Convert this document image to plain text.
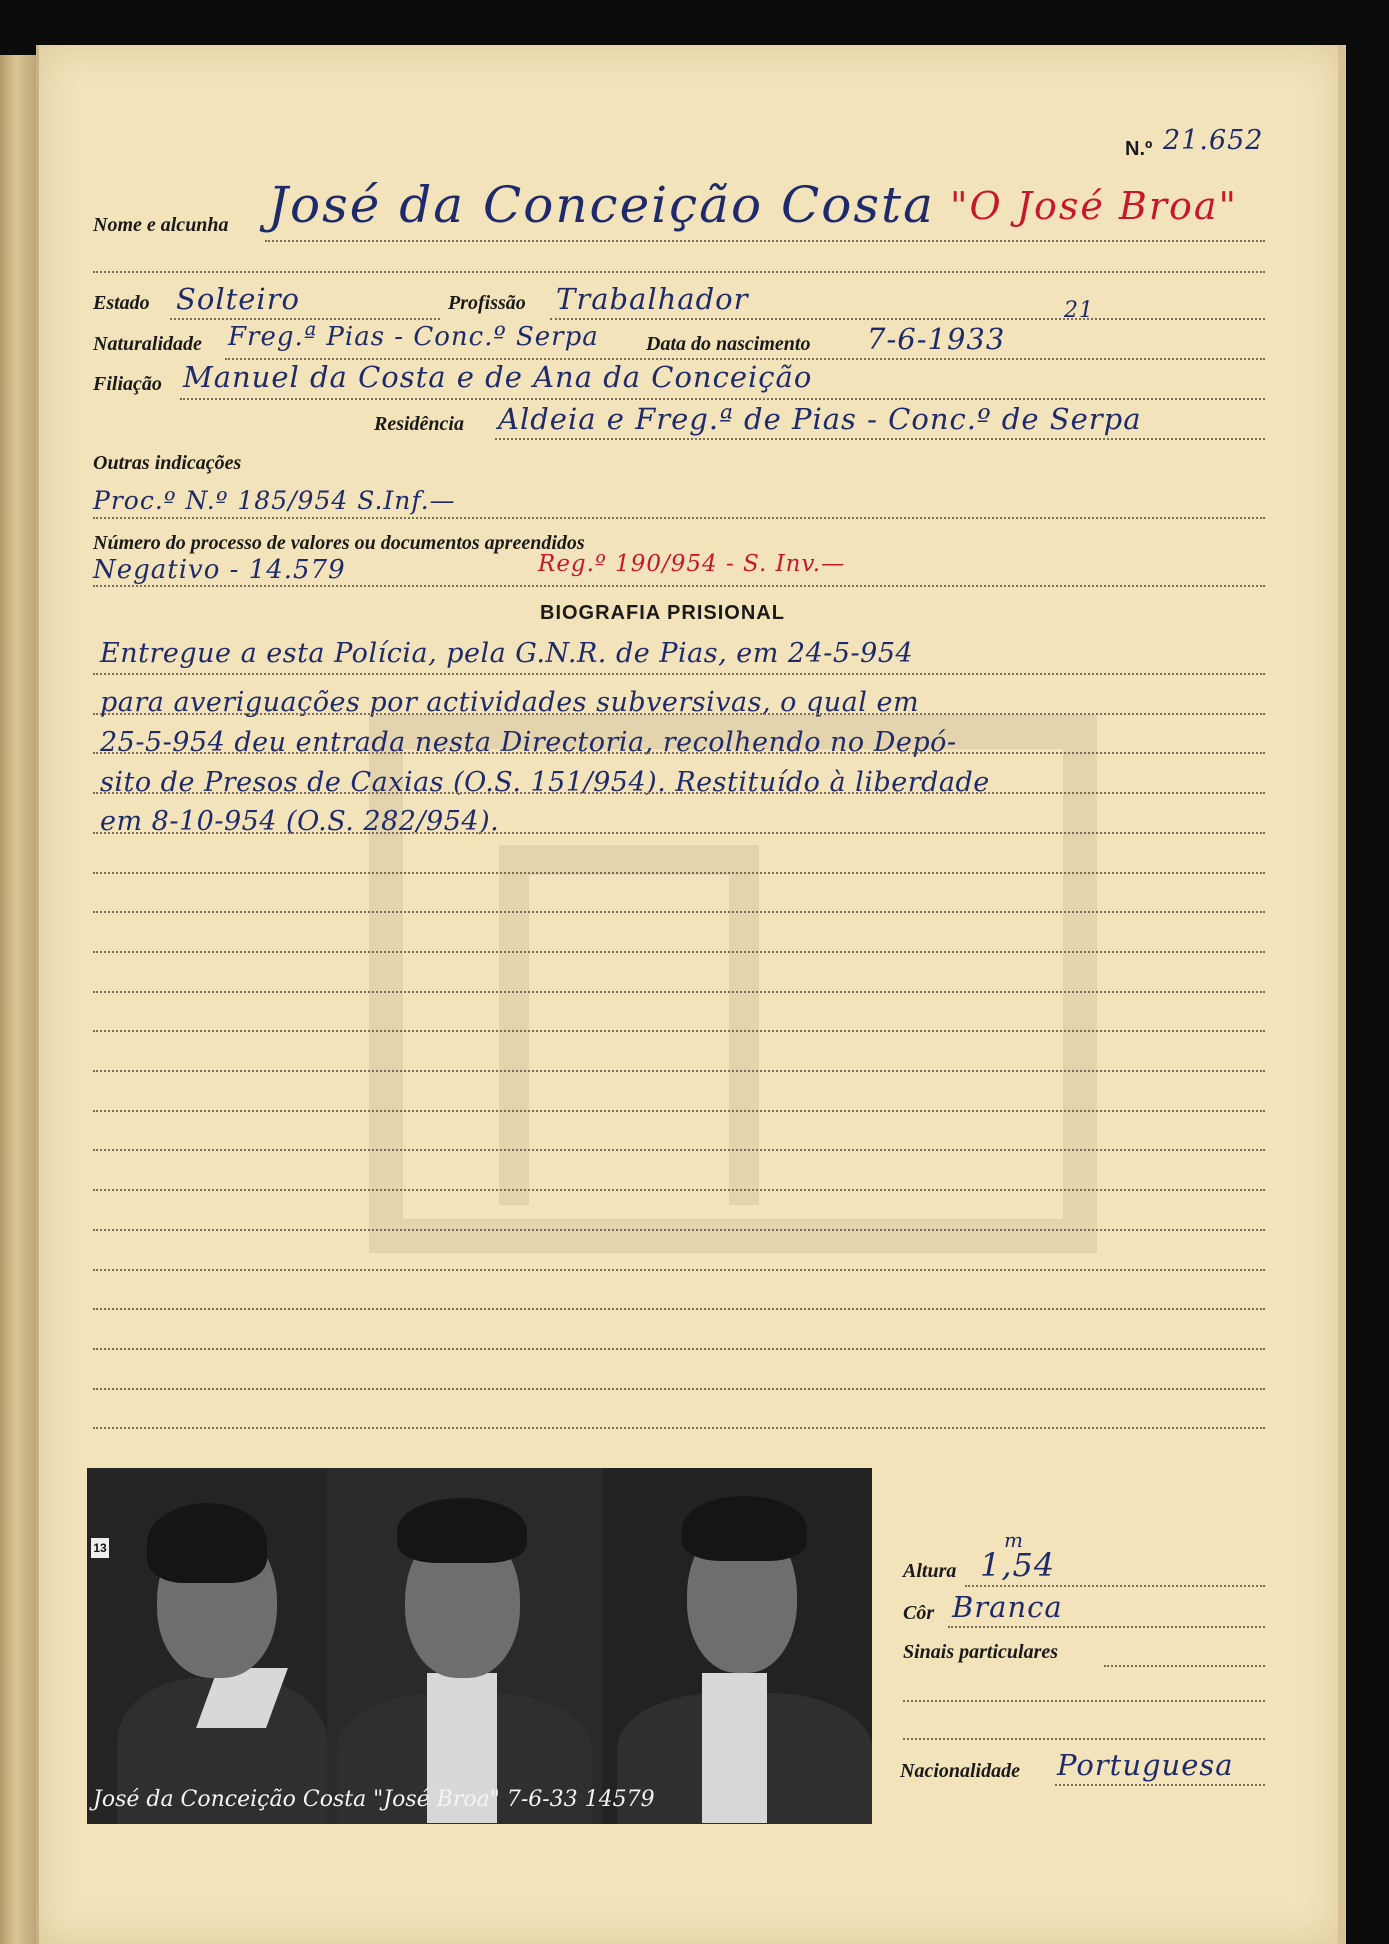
N.º 21.652
Nome e alcunha José da Conceição Costa "O José Broa"
Estado Solteiro	Profissão Trabalhador
Naturalidade Freg.ª Pias - Conc.º Serpa Data do nascimento 7-6-1933
21
Filiação Manuel da Costa e de Ana da Conceição
Residência Aldeia e Freg.ª de Pias - Conc.º de Serpa
Outras indicações
Proc.º N.º 185/954 S.Inf.—
Número do processo de valores ou documentos apreendidos
Negativo - 14.579	Reg.º 190/954 - S. Inv.—
BIOGRAFIA PRISIONAL
Entregue a esta Polícia, pela G.N.R. de Pias, em 24-5-954
para averiguações por actividades subversivas, o qual em
25-5-954 deu entrada nesta Directoria, recolhendo no Depó-
sito de Presos de Caxias (O.S. 151/954). Restituído à liberdade
em 8-10-954 (O.S. 282/954).
13
José da Conceição Costa "José Broa" 7-6-33 14579
Altura 1,54
m
Côr Branca
Sinais particulares
Nacionalidade Portuguesa
